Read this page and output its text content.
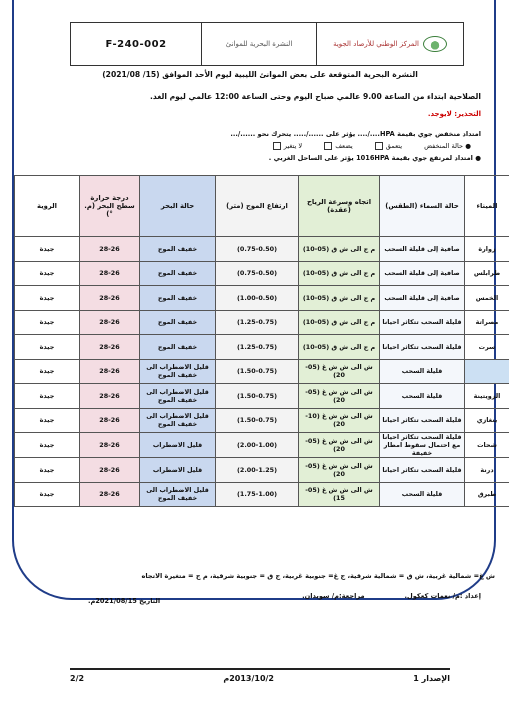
F-240-002	النشرة البحرية للموانئ	المركز الوطني للأرصاد الجوية
النشرة البحرية المتوقعة على بعض الموانئ الليبية ليوم الأحد الموافق (15/ 2021/08)
الصلاحية ابتداء من الساعة 9.00 عالمي صباح اليوم وحتى الساعة 12:00 عالمي ليوم الغد.
التحذير: لايوجد.
امتداد منخفض جوي بقيمة HPA..../.... يؤثر على ....../..... يتحرك نحو ....../...
● حالة المنخفض
يتعمق
يضعف
لا يتغير
● امتداد لمرتفع جوي بقيمة 1016HPA يؤثر على الساحل الغربي .
الميناء	حالة السماء (الطقس)	اتجاه وسرعة الرياح (عقدة)	ارتفاع الموج (متر)	حالة البحر	درجة حرارة سطح البحر (م.°)	الروية
زوارة	صافية إلى قليلة السحب	م ج الى ش ق (05-10)	(0.75-0.50)	خفيف الموج	28-26	جيدة
طرابلس	صافية إلى قليلة السحب	م ج الى ش ق (05-10)	(0.75-0.50)	خفيف الموج	28-26	جيدة
الخمس	صافية إلى قليلة السحب	م ج الى ش ق (05-10)	(1.00-0.50)	خفيف الموج	28-26	جيدة
مصراتة	قليلة السحب تتكاثر احيانا	م ج الى ش ق (05-10)	(1.25-0.75)	خفيف الموج	28-26	جيدة
سرت	قليلة السحب تتكاثر احيانا	م ج الى ش ق (05-10)	(1.25-0.75)	خفيف الموج	28-26	جيدة
	قليلة السحب	ش الى ش ش غ (05-20)	(1.50-0.75)	قليل الاضطراب الى خفيف الموج	28-26	جيدة
الزويتينة	قليلة السحب	ش الى ش ش غ (05-20)	(1.50-0.75)	قليل الاضطراب الى خفيف الموج	28-26	جيدة
بنغازي	قليلة السحب تتكاثر احيانا	ش الى ش ش غ (10-20)	(1.50-0.75)	قليل الاضطراب الى خفيف الموج	28-26	جيدة
شحات	قليلة السحب تتكاثر احيانا مع احتمال سقوط امطار خفيفة	ش الى ش ش غ (05-20)	(2.00-1.00)	قليل الاضطراب	28-26	جيدة
درنة	قليلة السحب تتكاثر احيانا	ش الى ش ش غ (05-20)	(2.00-1.25)	قليل الاضطراب	28-26	جيدة
طبرق	قليلة السحب	ش الى ش ش غ (05-15)	(1.75-1.00)	قليل الاضطراب الى خفيف الموج	28-26	جيدة
ش غ= شمالية غربية، ش ق = شمالية شرقية، ج غ= جنوبية غربية، ج ق = جنوبية شرقية، م ج = متغيرة الاتجاه
إعداد :م/ نعمات كعكول.
مراجعة:م/ سويدان.
التاريخ 2021/08/15م.
الإصدار 1
2013/10/2م
2/2
